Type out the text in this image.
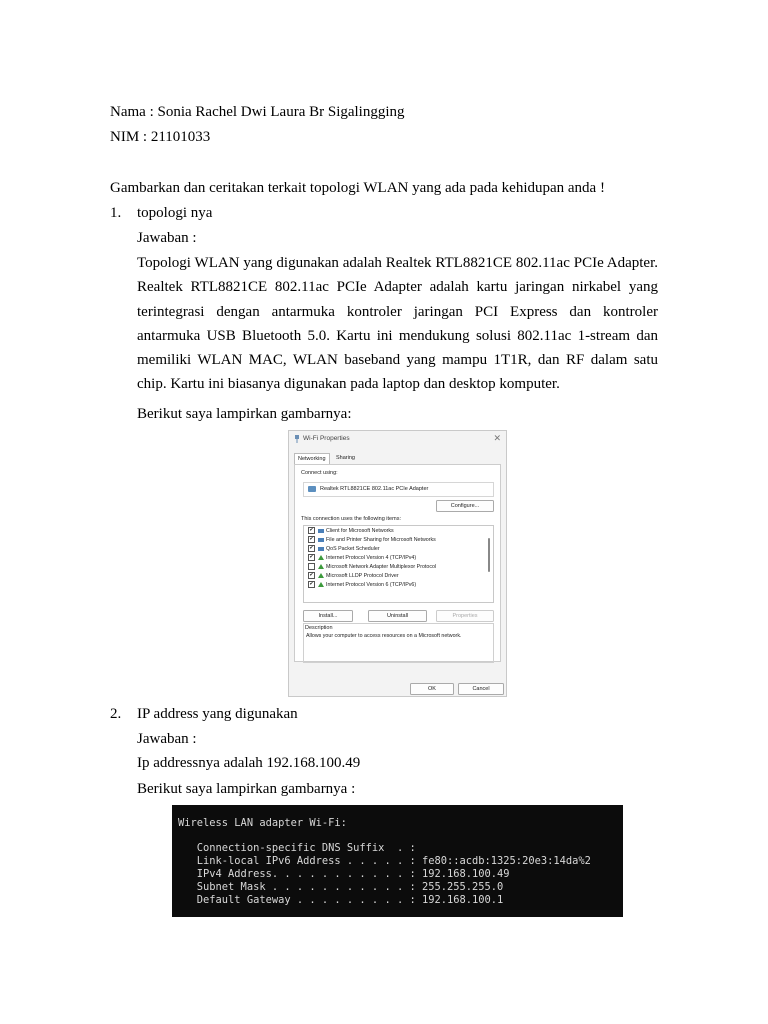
Nama : Sonia Rachel Dwi Laura Br Sigalingging
NIM : 21101033
Gambarkan dan ceritakan terkait topologi WLAN yang ada pada kehidupan anda !
1. topologi nya
Jawaban :
Topologi WLAN yang digunakan adalah Realtek RTL8821CE 802.11ac PCIe Adapter. Realtek RTL8821CE 802.11ac PCIe Adapter adalah kartu jaringan nirkabel yang terintegrasi dengan antarmuka kontroler jaringan PCI Express dan kontroler antarmuka USB Bluetooth 5.0. Kartu ini mendukung solusi 802.11ac 1-stream dan memiliki WLAN MAC, WLAN baseband yang mampu 1T1R, dan RF dalam satu chip. Kartu ini biasanya digunakan pada laptop dan desktop komputer.
Berikut saya lampirkan gambarnya:
Wi-Fi Properties	✕
Networking	Sharing
Connect using:
Realtek RTL8821CE 802.11ac PCIe Adapter
Configure...
This connection uses the following items:
✔ Client for Microsoft Networks
✔ File and Printer Sharing for Microsoft Networks
✔ QoS Packet Scheduler
✔ Internet Protocol Version 4 (TCP/IPv4)
Microsoft Network Adapter Multiplexor Protocol
✔ Microsoft LLDP Protocol Driver
✔ Internet Protocol Version 6 (TCP/IPv6)
Install...	Uninstall	Properties
Description
Allows your computer to access resources on a Microsoft network.
OK	Cancel
2. IP address yang digunakan
Jawaban :
Ip addressnya adalah 192.168.100.49
Berikut saya lampirkan gambarnya :
Wireless LAN adapter Wi-Fi:
Connection-specific DNS Suffix  . :
Link-local IPv6 Address . . . . . : fe80::acdb:1325:20e3:14da%2
IPv4 Address. . . . . . . . . . . : 192.168.100.49
Subnet Mask . . . . . . . . . . . : 255.255.255.0
Default Gateway . . . . . . . . . : 192.168.100.1
